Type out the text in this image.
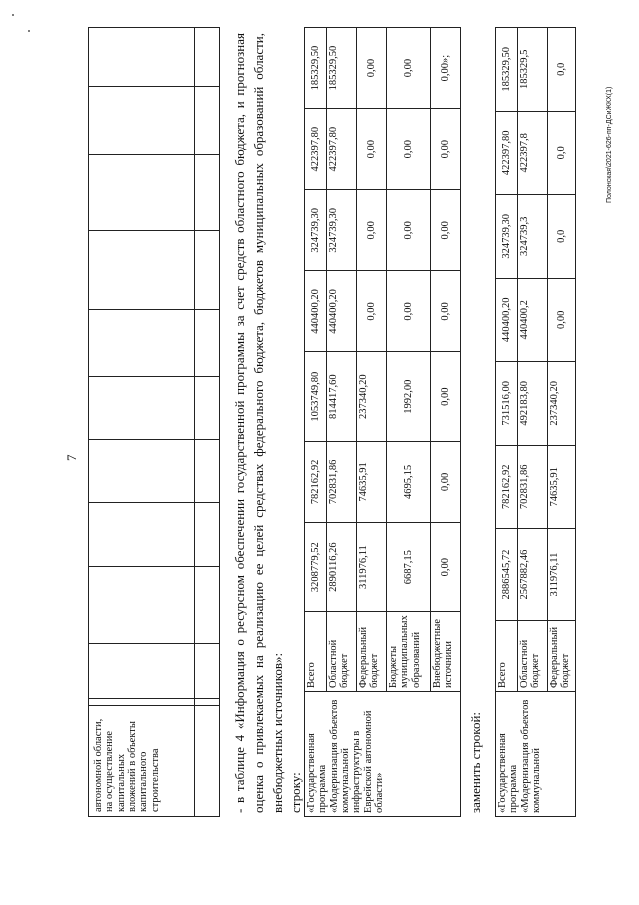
7
автономной области, на осуществление капитальных вложений в объекты капитального строительства											
												- в таблице 4 «Информация о ресурсном обеспечении государственной программы за счет средств областного бюджета, и прогнозная оценка о привлекаемых на реализацию ее целей средствах федерального бюджета, бюджетов муниципальных образований области, внебюджетных источников»: строку: «Государственная программа «Модернизация объектов коммунальной инфраструктуры в Еврейской автономной области»	Всего	3208779,52	782162,92	1053749,80	440400,20	324739,30	422397,80	185329,50
	Областной бюджет	2890116,26	702831,86	814417,60	440400,20	324739,30	422397,80	185329,50
	Федеральный бюджет	311976,11	74635,91	237340,20	0,00	0,00	0,00	0,00
	Бюджеты муниципальных образований	6687,15	4695,15	1992,00	0,00	0,00	0,00	0,00
	Внебюджетные источники	0,00	0,00	0,00	0,00	0,00	0,00	0,00»;
заменить строкой: «Государственная программа «Модернизация объектов коммунальной	Всего	2886545,72	782162,92	731516,00	440400,20	324739,30	422397,80	185329,50
	Областной бюджет	2567882,46	702831,86	492183,80	440400,2	324739,3	422397,8	185329,5
	Федеральный бюджет	311976,11	74635,91	237340,20	0,00	0,0	0,0	0,0
Полонская\2021-626-пп-ДСиЖКХ(1)
